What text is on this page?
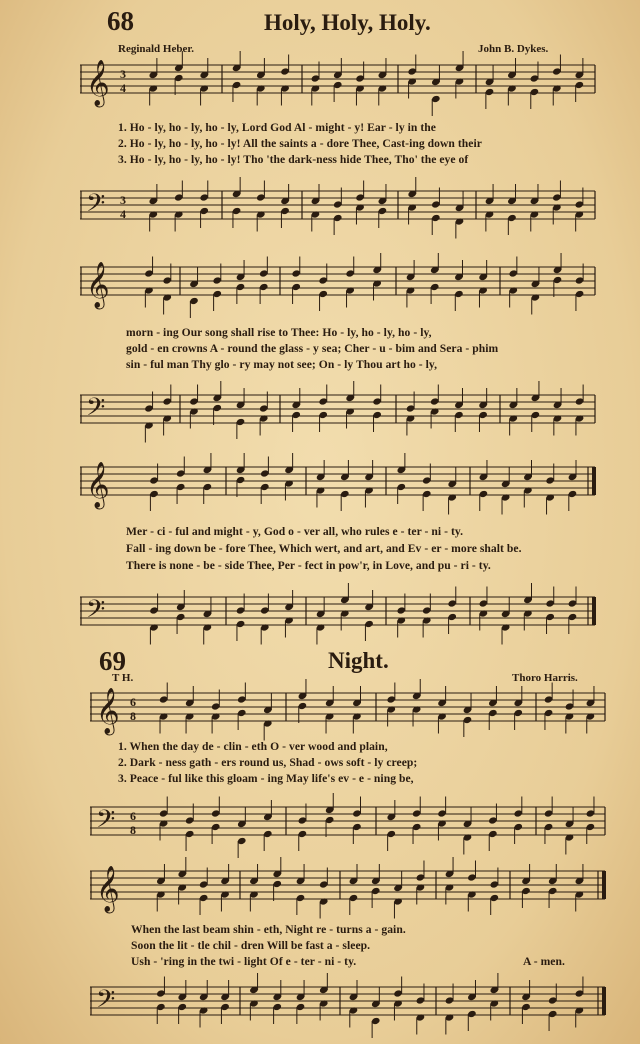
68	Holy, Holy, Holy.
Reginald Heber.	John B. Dykes.
𝄞 3
4
1. Ho - ly, ho - ly, ho - ly, Lord God Al - might - y! Ear - ly in the
2. Ho - ly, ho - ly, ho - ly! All the saints a - dore Thee, Cast-ing down their
3. Ho - ly, ho - ly, ho - ly! Tho 'the dark-ness hide Thee, Tho' the eye of
𝄢 3
4
𝄞
morn - ing Our song shall rise to Thee: Ho - ly, ho - ly, ho - ly,
gold - en crowns A - round the glass - y sea; Cher - u - bim and Sera - phim
sin - ful man Thy glo - ry may not see; On - ly Thou art ho - ly,
𝄢
𝄞
Mer - ci - ful and might - y, God o - ver all, who rules e - ter - ni - ty.
Fall - ing down be - fore Thee, Which wert, and art, and Ev - er - more shalt be.
There is none - be - side Thee, Per - fect in pow'r, in Love, and pu - ri - ty.
𝄢
69	Night.
T H.	Thoro Harris.
𝄞 6
8
1. When the day de - clin - eth O - ver wood and plain,
2. Dark - ness gath - ers round us, Shad - ows soft - ly creep;
3. Peace - ful like this gloam - ing May life's ev - e - ning be,
𝄢 6
8
𝄞
When the last beam shin - eth, Night re - turns a - gain.
Soon the lit - tle chil - dren Will be fast a - sleep.
Ush - 'ring in the twi - light Of e - ter - ni - ty.	A - men.
𝄢
